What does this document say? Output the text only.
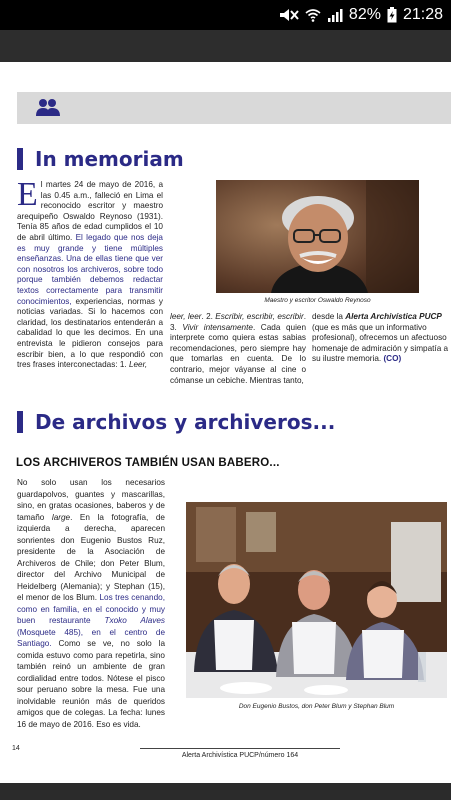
82% 21:28
In memoriam
El martes 24 de mayo de 2016, a las 0.45 a.m., falleció en Lima el reconocido escritor y maestro arequipeño Oswaldo Reynoso (1931). Tenía 85 años de edad cumplidos el 10 de abril último. El legado que nos deja es muy grande y tiene múltiples enseñanzas. Una de ellas tiene que ver con nosotros los archiveros, sobre todo porque también debemos redactar textos correctamente para transmitir conocimientos, experiencias, normas y noticias variadas. Si lo hacemos con claridad, los destinatarios entenderán a cabalidad lo que les decimos. En una entrevista le pidieron consejos para escribir bien, a lo que respondió con tres frases interconectadas: 1. Leer,
Maestro y escritor Oswaldo Reynoso
leer, leer. 2. Escribir, escribir, escribir. 3. Vivir intensamente. Cada quien interprete como quiera estas sabias recomendaciones, pero siempre hay que tomarlas en cuenta. De lo contrario, mejor váyanse al cine o cómanse un cebiche. Mientras tanto,
desde la Alerta Archivística PUCP (que es más que un informativo profesional), ofrecemos un afectuoso homenaje de admiración y simpatía a su ilustre memoria. (CO)
De archivos y archiveros...
LOS ARCHIVEROS TAMBIÉN USAN BABERO...
No solo usan los necesarios guardapolvos, guantes y mascarillas, sino, en gratas ocasiones, baberos y de tamaño large. En la fotografía, de izquierda a derecha, aparecen sonrientes don Eugenio Bustos Ruz, presidente de la Asociación de Archiveros de Chile; don Peter Blum, director del Archivo Municipal de Heidelberg (Alemania); y Stephan (15), el menor de los Blum. Los tres cenando, como en familia, en el conocido y muy buen restaurante Txoko Alaves (Mosquete 485), en el centro de Santiago. Como se ve, no solo la comida estuvo como para repetirla, sino también reinó un ambiente de gran cordialidad entre todos. Nótese el pisco sour peruano sobre la mesa. Fue una inolvidable reunión más de queridos amigos que de colegas. La fecha: lunes 16 de mayo de 2016. Eso es vida.
Don Eugenio Bustos, don Peter Blum y Stephan Blum
14
Alerta Archivística PUCP/número 164
